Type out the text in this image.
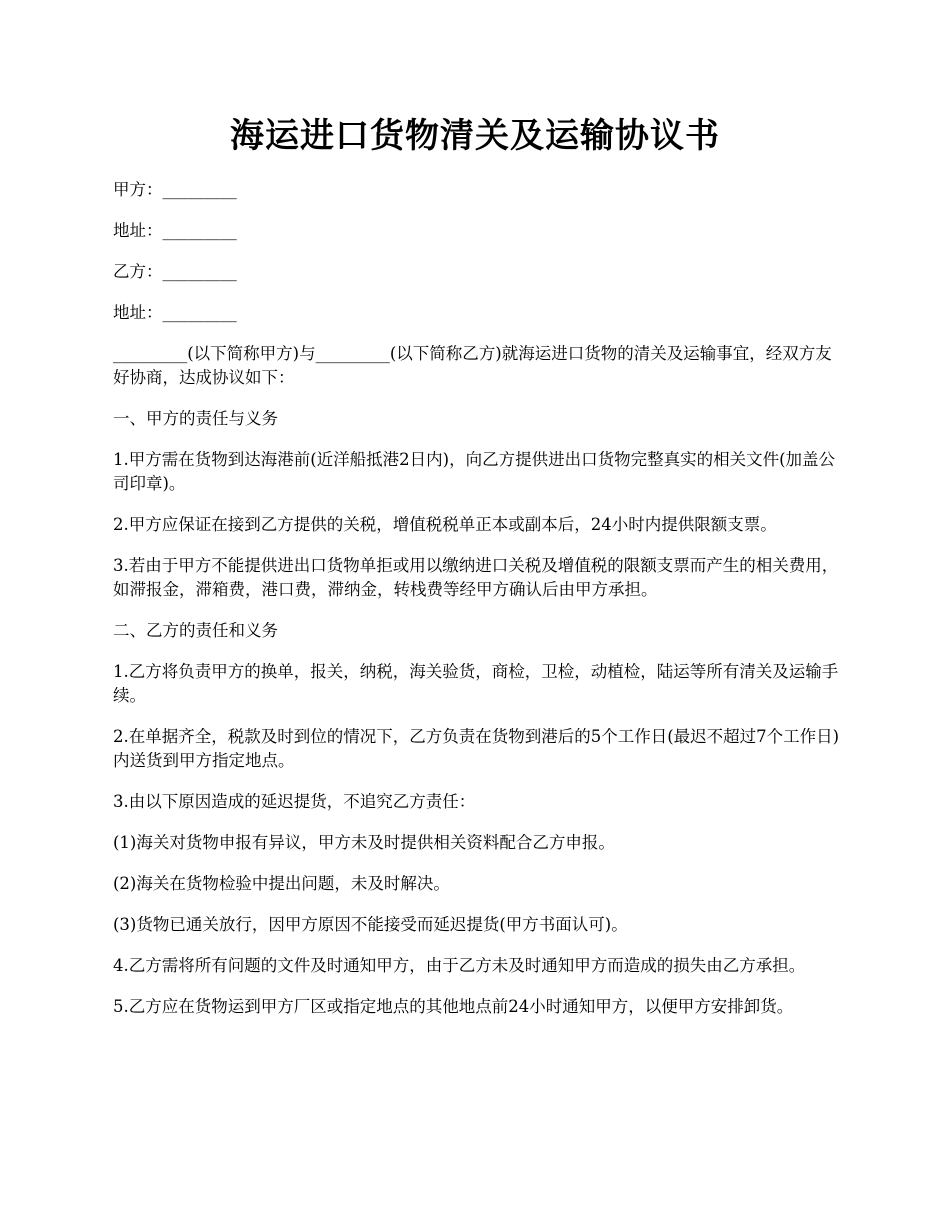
海运进口货物清关及运输协议书

甲方：_________

地址：_________

乙方：_________

地址：_________

_________(以下简称甲方)与_________(以下简称乙方)就海运进口货物的清关及运输事宜，经双方友好协商，达成协议如下：

一、甲方的责任与义务

1.甲方需在货物到达海港前(近洋船抵港2日内)，向乙方提供进出口货物完整真实的相关文件(加盖公司印章)。

2.甲方应保证在接到乙方提供的关税，增值税税单正本或副本后，24小时内提供限额支票。

3.若由于甲方不能提供进出口货物单拒或用以缴纳进口关税及增值税的限额支票而产生的相关费用，如滞报金，滞箱费，港口费，滞纳金，转栈费等经甲方确认后由甲方承担。

二、乙方的责任和义务

1.乙方将负责甲方的换单，报关，纳税，海关验货，商检，卫检，动植检，陆运等所有清关及运输手续。

2.在单据齐全，税款及时到位的情况下，乙方负责在货物到港后的5个工作日(最迟不超过7个工作日)内送货到甲方指定地点。

3.由以下原因造成的延迟提货，不追究乙方责任：

(1)海关对货物申报有异议，甲方未及时提供相关资料配合乙方申报。

(2)海关在货物检验中提出问题，未及时解决。

(3)货物已通关放行，因甲方原因不能接受而延迟提货(甲方书面认可)。

4.乙方需将所有问题的文件及时通知甲方，由于乙方未及时通知甲方而造成的损失由乙方承担。

5.乙方应在货物运到甲方厂区或指定地点的其他地点前24小时通知甲方，以便甲方安排卸货。
